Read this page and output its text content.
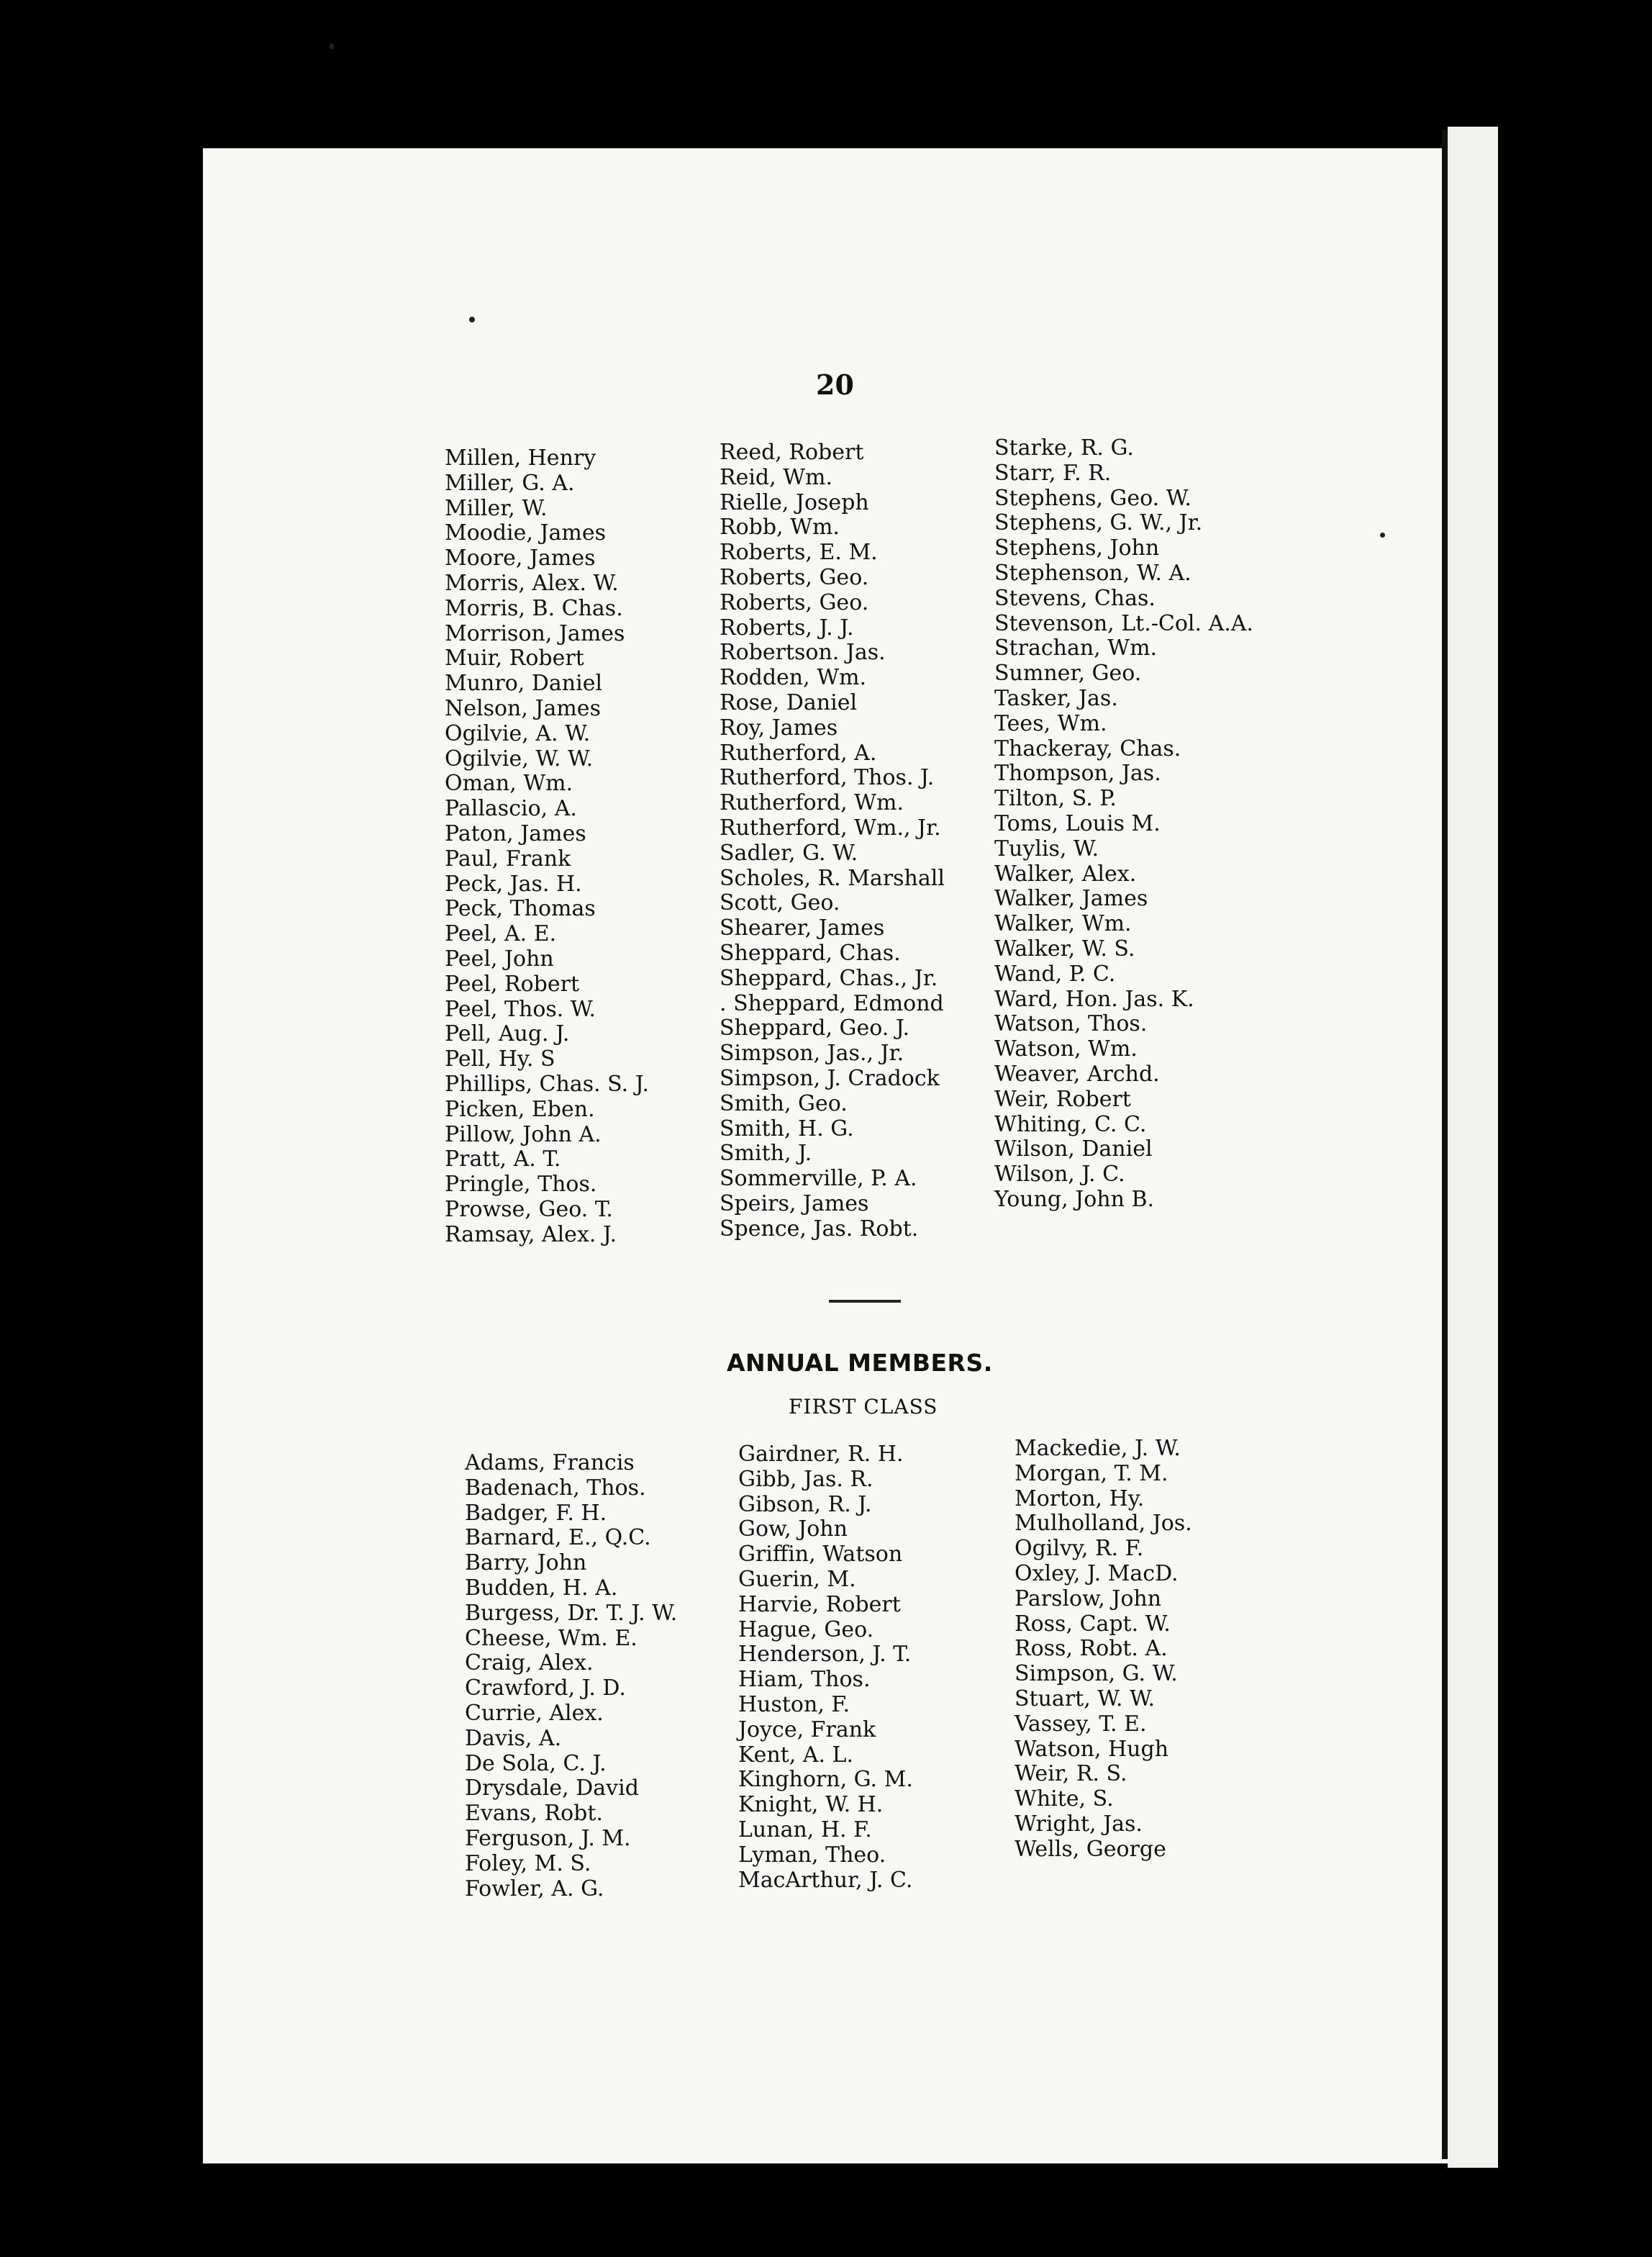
20
Millen, Henry
Miller, G. A.
Miller, W.
Moodie, James
Moore, James
Morris, Alex. W.
Morris, B. Chas.
Morrison, James
Muir, Robert
Munro, Daniel
Nelson, James
Ogilvie, A. W.
Ogilvie, W. W.
Oman, Wm.
Pallascio, A.
Paton, James
Paul, Frank
Peck, Jas. H.
Peck, Thomas
Peel, A. E.
Peel, John
Peel, Robert
Peel, Thos. W.
Pell, Aug. J.
Pell, Hy. S
Phillips, Chas. S. J.
Picken, Eben.
Pillow, John A.
Pratt, A. T.
Pringle, Thos.
Prowse, Geo. T.
Ramsay, Alex. J.
Reed, Robert
Reid, Wm.
Rielle, Joseph
Robb, Wm.
Roberts, E. M.
Roberts, Geo.
Roberts, Geo.
Roberts, J. J.
Robertson. Jas.
Rodden, Wm.
Rose, Daniel
Roy, James
Rutherford, A.
Rutherford, Thos. J.
Rutherford, Wm.
Rutherford, Wm., Jr.
Sadler, G. W.
Scholes, R. Marshall
Scott, Geo.
Shearer, James
Sheppard, Chas.
Sheppard, Chas., Jr.
. Sheppard, Edmond
Sheppard, Geo. J.
Simpson, Jas., Jr.
Simpson, J. Cradock
Smith, Geo.
Smith, H. G.
Smith, J.
Sommerville, P. A.
Speirs, James
Spence, Jas. Robt.
Starke, R. G.
Starr, F. R.
Stephens, Geo. W.
Stephens, G. W., Jr.
Stephens, John
Stephenson, W. A.
Stevens, Chas.
Stevenson, Lt.-Col. A.A.
Strachan, Wm.
Sumner, Geo.
Tasker, Jas.
Tees, Wm.
Thackeray, Chas.
Thompson, Jas.
Tilton, S. P.
Toms, Louis M.
Tuylis, W.
Walker, Alex.
Walker, James
Walker, Wm.
Walker, W. S.
Wand, P. C.
Ward, Hon. Jas. K.
Watson, Thos.
Watson, Wm.
Weaver, Archd.
Weir, Robert
Whiting, C. C.
Wilson, Daniel
Wilson, J. C.
Young, John B.
ANNUAL MEMBERS.
FIRST CLASS
Adams, Francis
Badenach, Thos.
Badger, F. H.
Barnard, E., Q.C.
Barry, John
Budden, H. A.
Burgess, Dr. T. J. W.
Cheese, Wm. E.
Craig, Alex.
Crawford, J. D.
Currie, Alex.
Davis, A.
De Sola, C. J.
Drysdale, David
Evans, Robt.
Ferguson, J. M.
Foley, M. S.
Fowler, A. G.
Gairdner, R. H.
Gibb, Jas. R.
Gibson, R. J.
Gow, John
Griffin, Watson
Guerin, M.
Harvie, Robert
Hague, Geo.
Henderson, J. T.
Hiam, Thos.
Huston, F.
Joyce, Frank
Kent, A. L.
Kinghorn, G. M.
Knight, W. H.
Lunan, H. F.
Lyman, Theo.
MacArthur, J. C.
Mackedie, J. W.
Morgan, T. M.
Morton, Hy.
Mulholland, Jos.
Ogilvy, R. F.
Oxley, J. MacD.
Parslow, John
Ross, Capt. W.
Ross, Robt. A.
Simpson, G. W.
Stuart, W. W.
Vassey, T. E.
Watson, Hugh
Weir, R. S.
White, S.
Wright, Jas.
Wells, George
